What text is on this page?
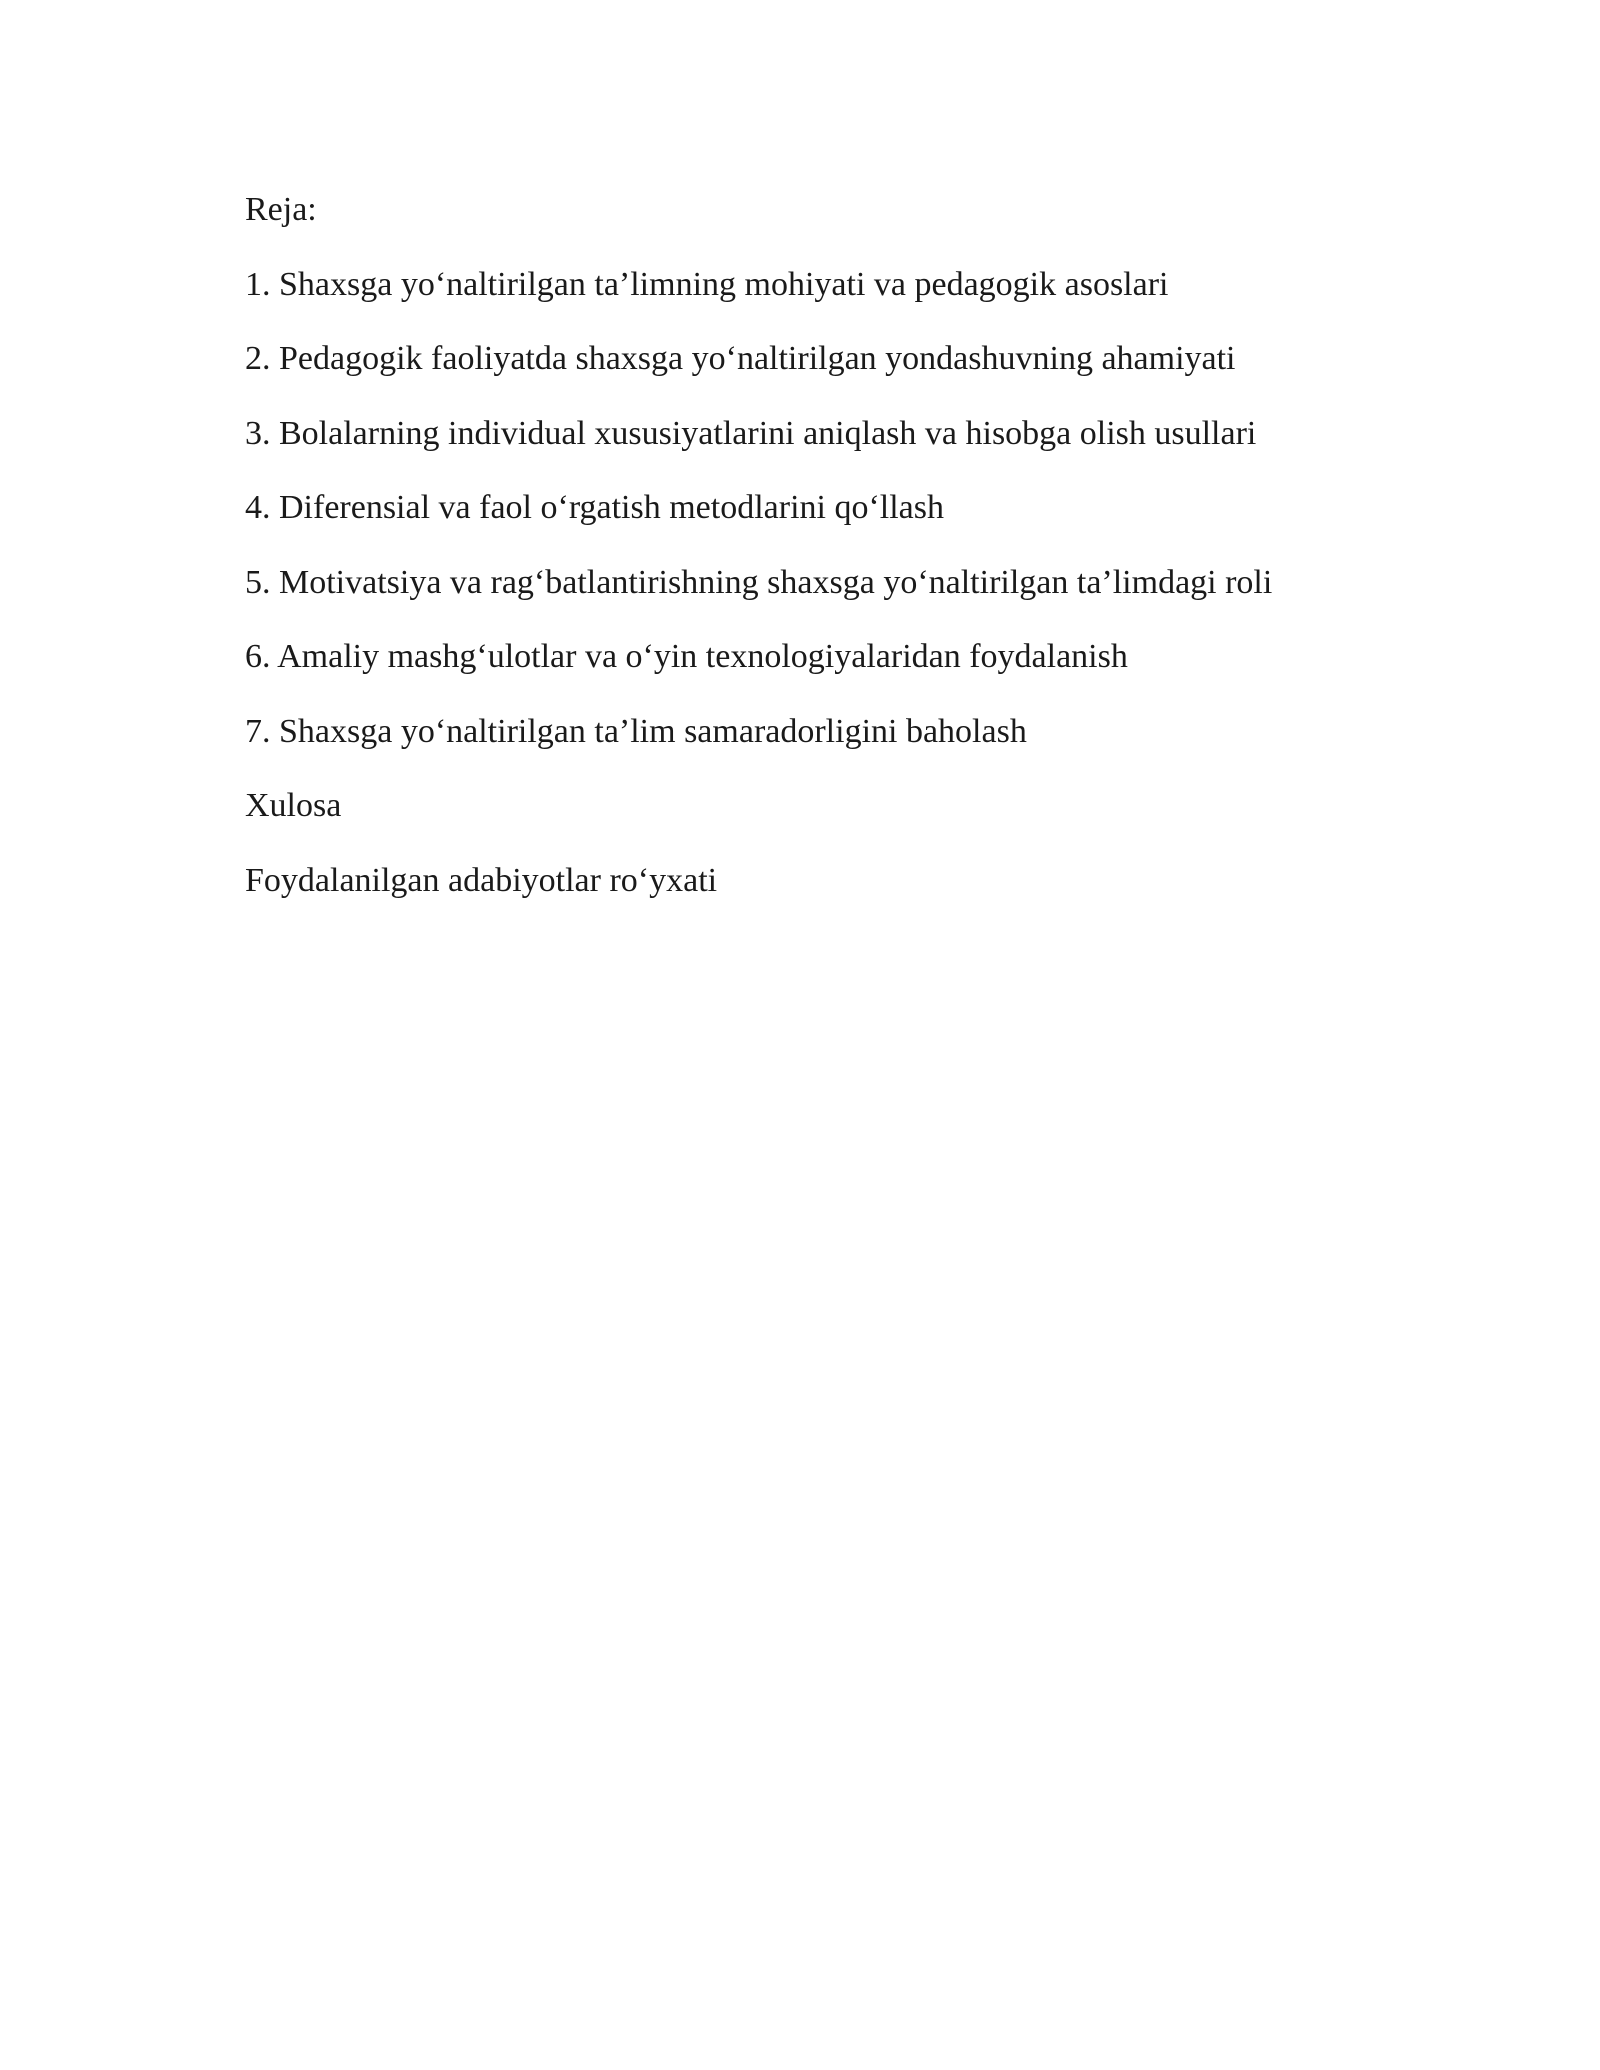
Reja:

1. Shaxsga yo‘naltirilgan ta’limning mohiyati va pedagogik asoslari

2. Pedagogik faoliyatda shaxsga yo‘naltirilgan yondashuvning ahamiyati

3. Bolalarning individual xususiyatlarini aniqlash va hisobga olish usullari

4. Diferensial va faol o‘rgatish metodlarini qo‘llash

5. Motivatsiya va rag‘batlantirishning shaxsga yo‘naltirilgan ta’limdagi roli

6. Amaliy mashg‘ulotlar va o‘yin texnologiyalaridan foydalanish

7. Shaxsga yo‘naltirilgan ta’lim samaradorligini baholash

Xulosa

Foydalanilgan adabiyotlar ro‘yxati
